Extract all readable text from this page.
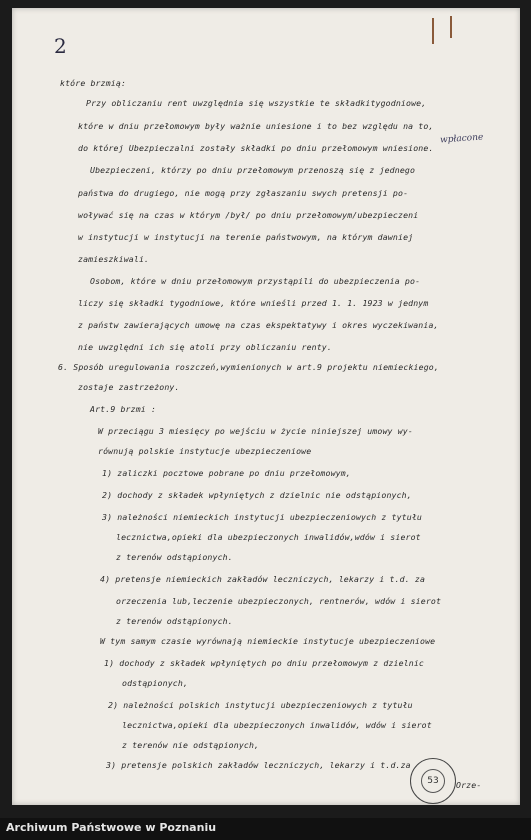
2
które brzmią:
Przy obliczaniu rent uwzględnia się wszystkie te składkitygodniowe,
które w dniu przełomowym były ważnie uniesione i to bez względu na to,
do której Ubezpieczalni zostały składki po dniu przełomowym wniesione.
wpłacone
Ubezpieczeni, którzy po dniu przełomowym przenoszą się z jednego
państwa do drugiego, nie mogą przy zgłaszaniu swych pretensji po-
woływać się na czas w którym /był/ po dniu przełomowym/ubezpieczeni
w instytucji w instytucji na terenie państwowym, na którym dawniej
zamieszkiwali.
Osobom, które w dniu przełomowym przystąpili do ubezpieczenia po-
liczy się składki tygodniowe, które wnieśli przed 1. 1. 1923 w jednym
z państw zawierających umowę na czas ekspektatywy i okres wyczekiwania,
nie uwzględni ich się atoli przy obliczaniu renty.
6. Sposób uregulowania roszczeń,wymienionych w art.9 projektu niemieckiego,
zostaje zastrzeżony.
Art.9 brzmi :
W przeciągu 3 miesięcy po wejściu w życie niniejszej umowy wy-
równują polskie instytucje ubezpieczeniowe
1) zaliczki pocztowe pobrane po dniu przełomowym,
2) dochody z składek wpłyniętych z dzielnic nie odstąpionych,
3) należności niemieckich instytucji ubezpieczeniowych z tytułu
lecznictwa,opieki dla ubezpieczonych inwalidów,wdów i sierot
z terenów odstąpionych.
4) pretensje niemieckich zakładów leczniczych, lekarzy i t.d. za
orzeczenia lub,leczenie ubezpieczonych, rentnerów, wdów i sierot
z terenów odstąpionych.
W tym samym czasie wyrównają niemieckie instytucje ubezpieczeniowe
1) dochody z składek wpłyniętych po dniu przełomowym z dzielnic
odstąpionych,
2) należności polskich instytucji ubezpieczeniowych z tytułu
lecznictwa,opieki dla ubezpieczonych inwalidów, wdów i sierot
z terenów nie odstąpionych,
3) pretensje polskich zakładów leczniczych, lekarzy i t.d.za
Orze-
53
Archiwum Państwowe w Poznaniu
